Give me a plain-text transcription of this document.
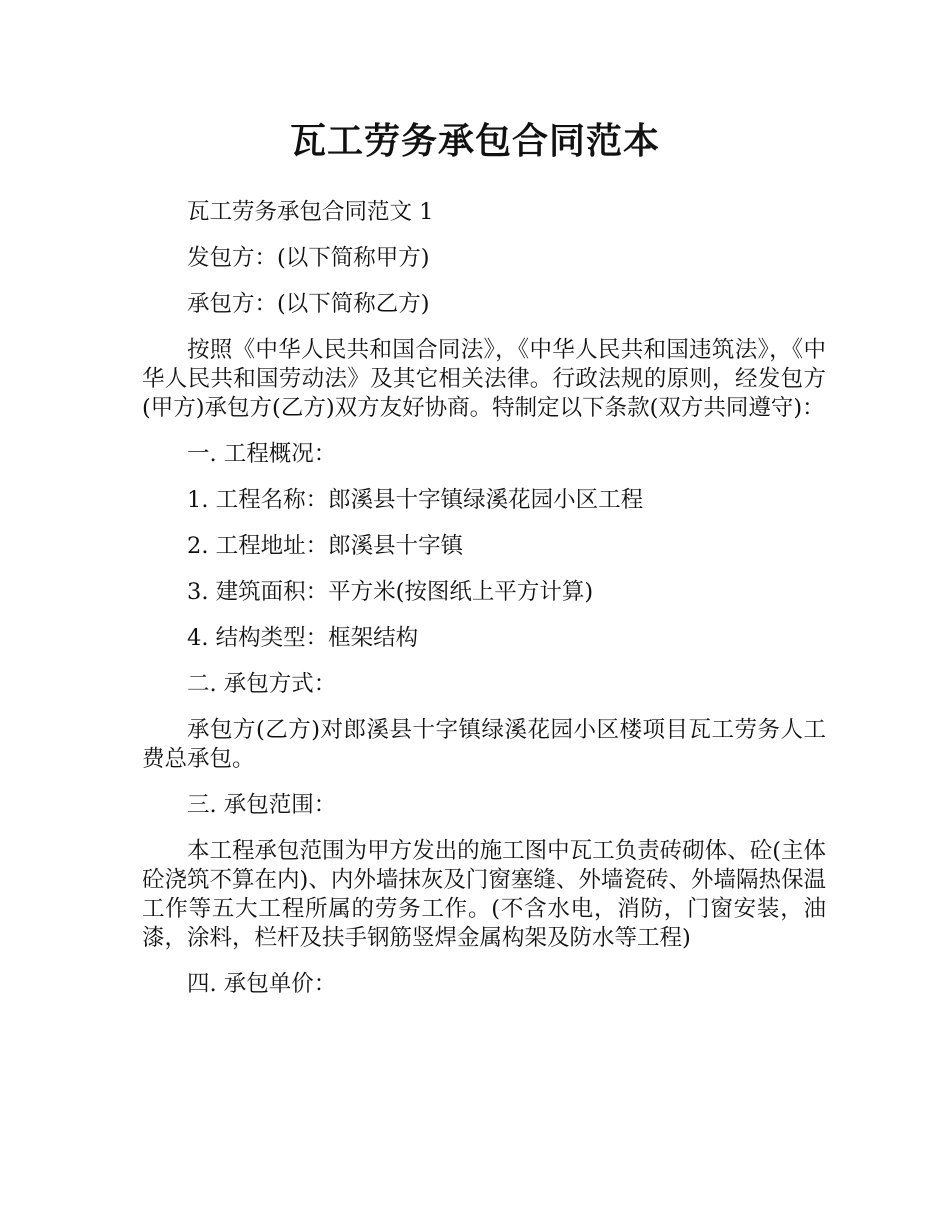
瓦工劳务承包合同范本

瓦工劳务承包合同范文 1

发包方：(以下简称甲方)

承包方：(以下简称乙方)

按照《中华人民共和国合同法》，《中华人民共和国违筑法》，《中华人民共和国劳动法》及其它相关法律。行政法规的原则，经发包方(甲方)承包方(乙方)双方友好协商。特制定以下条款(双方共同遵守)：

一. 工程概况：

1. 工程名称：郎溪县十字镇绿溪花园小区工程

2. 工程地址：郎溪县十字镇

3. 建筑面积：平方米(按图纸上平方计算)

4. 结构类型：框架结构

二. 承包方式：

承包方(乙方)对郎溪县十字镇绿溪花园小区楼项目瓦工劳务人工费总承包。

三. 承包范围：

本工程承包范围为甲方发出的施工图中瓦工负责砖砌体、砼(主体砼浇筑不算在内)、内外墙抹灰及门窗塞缝、外墙瓷砖、外墙隔热保温工作等五大工程所属的劳务工作。(不含水电，消防，门窗安装，油漆，涂料，栏杆及扶手钢筋竖焊金属构架及防水等工程)

四. 承包单价：
